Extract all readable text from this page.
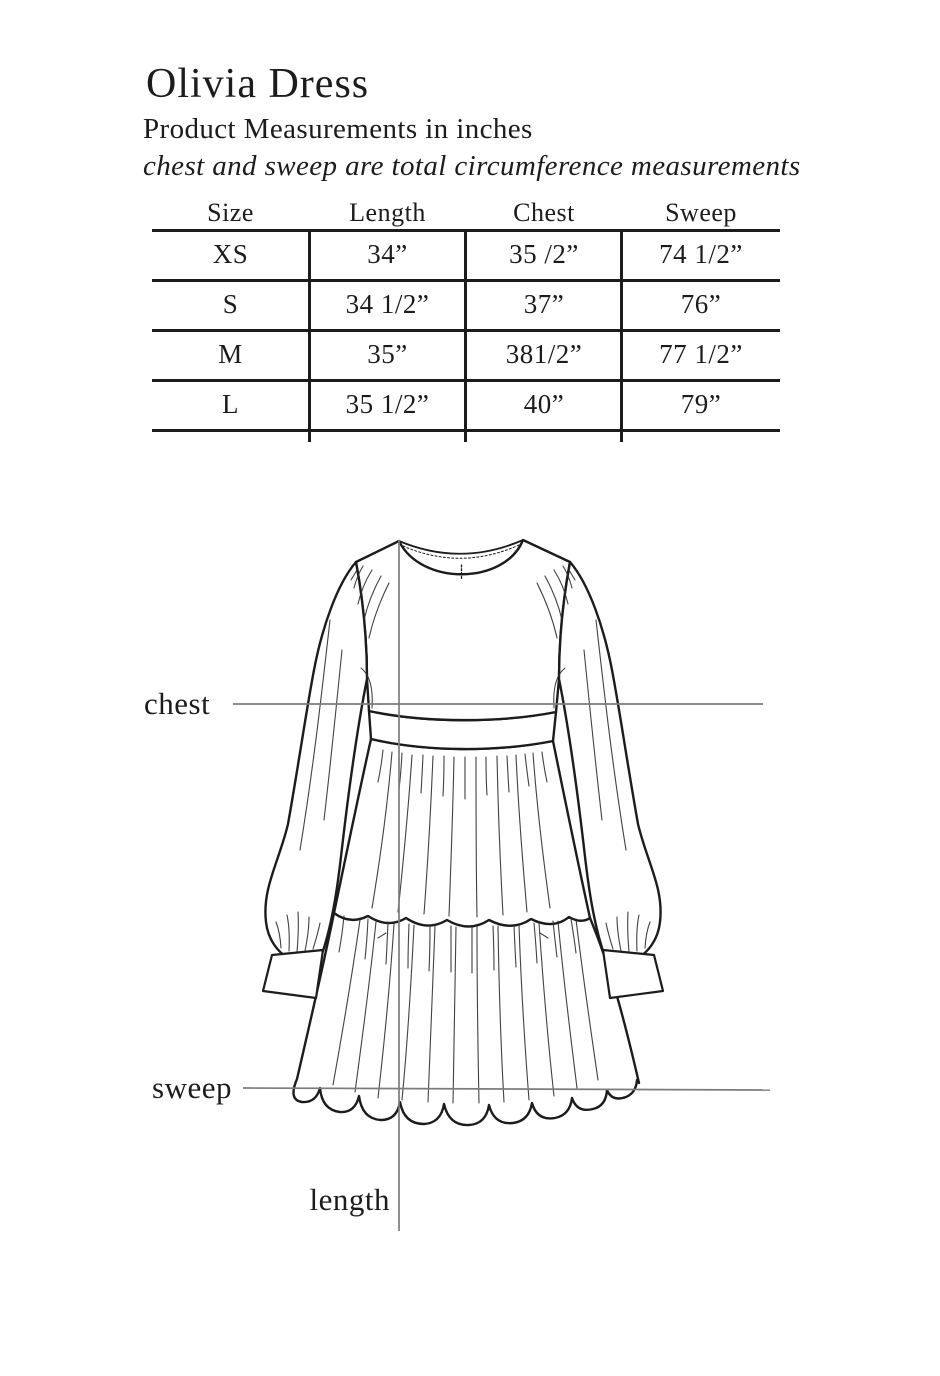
Olivia Dress
Product Measurements in inches
chest and sweep are total circumference measurements
Size	Length	Chest	Sweep
XS	34”	35 /2”	74 1/2”
S	34 1/2”	37”	76”
M	35”	381/2”	77 1/2”
L	35 1/2”	40”	79”
chest
sweep
length
